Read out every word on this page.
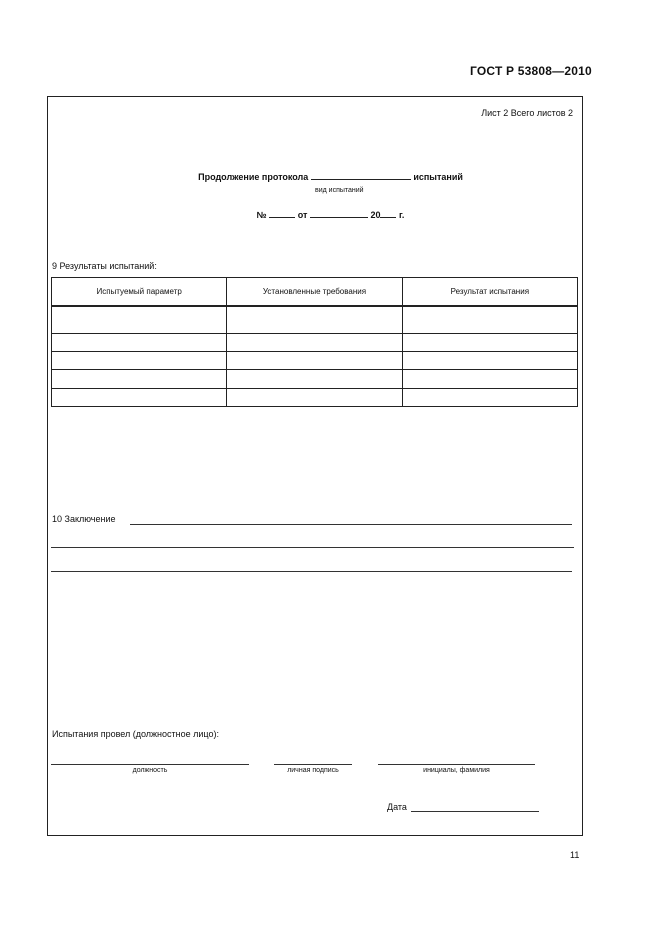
ГОСТ Р 53808—2010
Лист 2 Всего листов 2
Продолжение протокола	испытаний
вид испытаний
№	от	20 г.
9 Результаты испытаний:
Испытуемый параметр	Установленные требования	Результат испытания

10 Заключение
Испытания провел (должностное лицо):
должность	личная подпись	инициалы, фамилия
Дата
11
